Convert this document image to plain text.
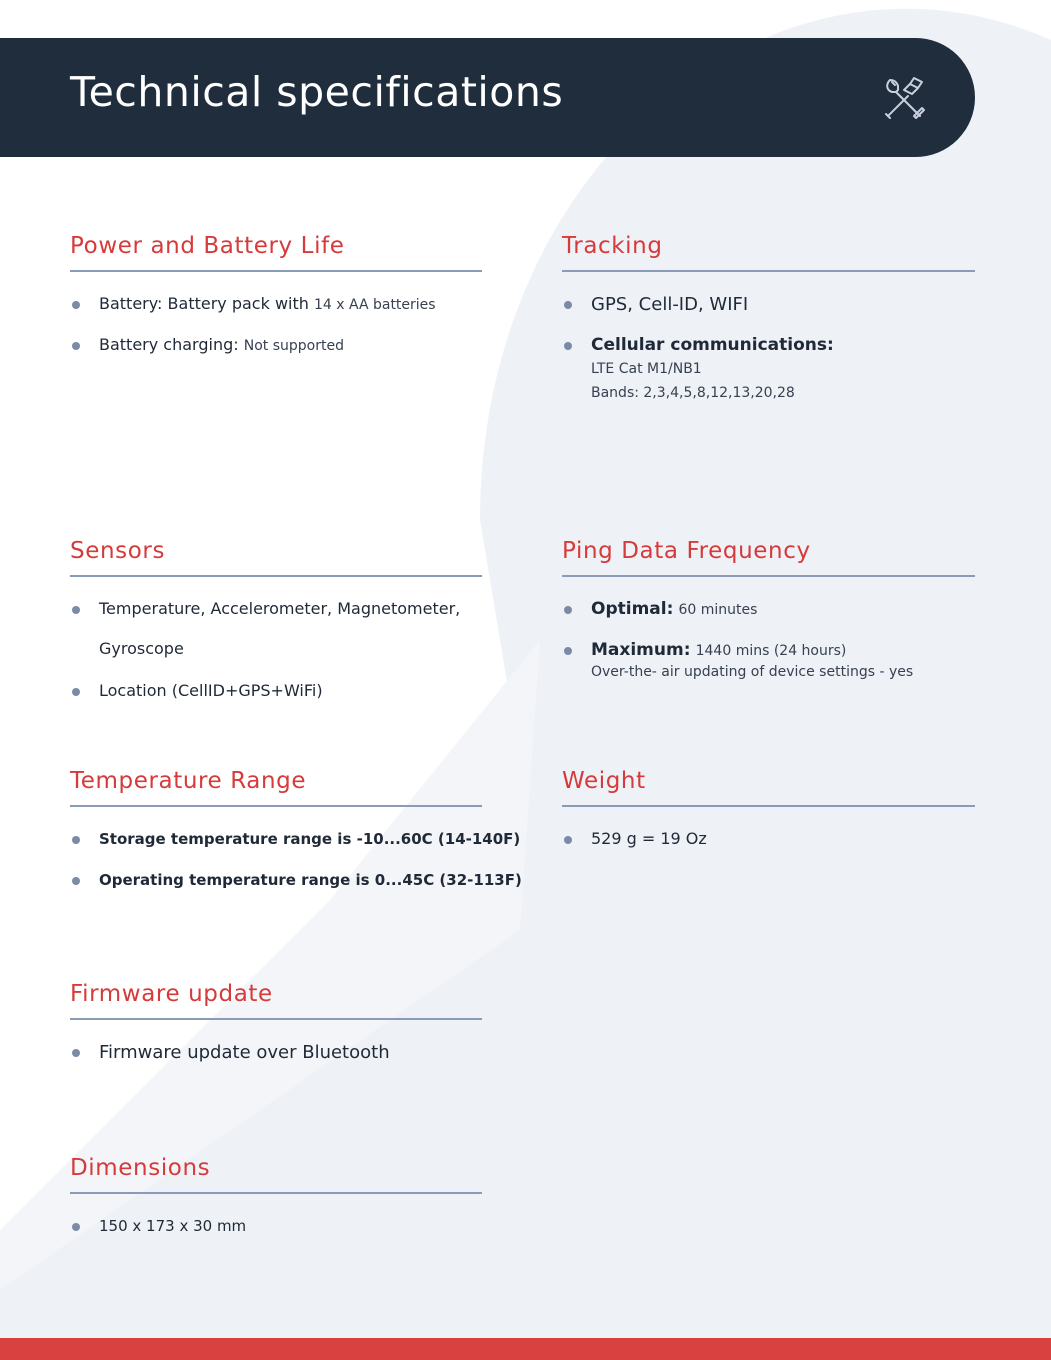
Technical specifications
Power and Battery Life
Battery: Battery pack with 14 x AA batteries
Battery charging: Not supported
Tracking
GPS, Cell-ID, WIFI
Cellular communications:
LTE Cat M1/NB1
Bands: 2,3,4,5,8,12,13,20,28
Sensors
Temperature, Accelerometer, Magnetometer,
Gyroscope
Location (CellID+GPS+WiFi)
Ping Data Frequency
Optimal: 60 minutes
Maximum: 1440 mins (24 hours)
Over-the- air updating of device settings - yes
Temperature Range
Storage temperature range is -10...60C (14-140F)
Operating temperature range is 0...45C (32-113F)
Weight
529 g = 19 Oz
Firmware update
Firmware update over Bluetooth
Dimensions
150 x 173 x 30 mm
